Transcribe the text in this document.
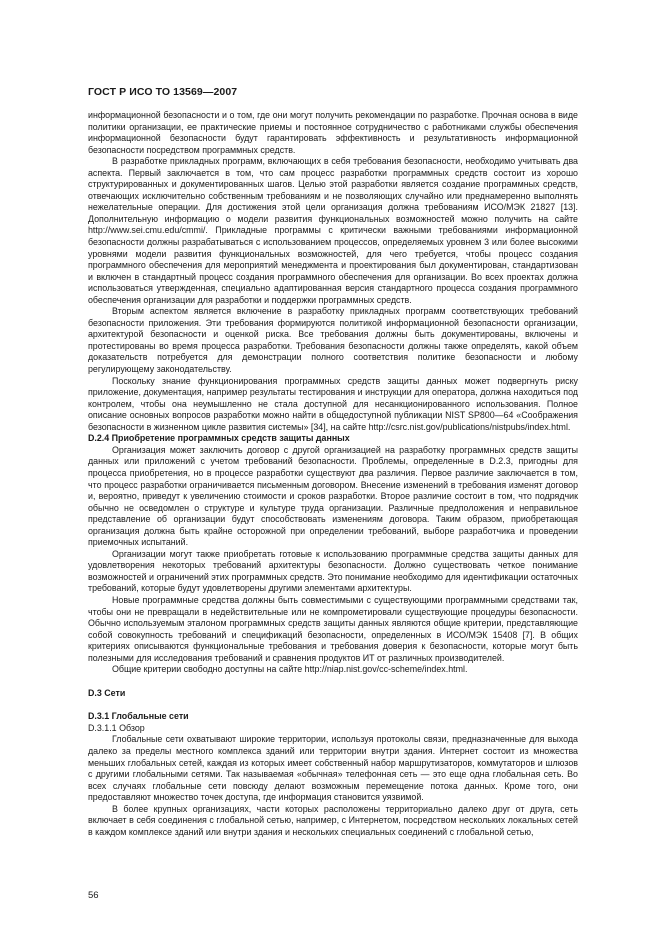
ГОСТ Р ИСО ТО 13569—2007

информационной безопасности и о том, где они могут получить рекомендации по разработке. Прочная основа в виде политики организации, ее практические приемы и постоянное сотрудничество с работниками службы обеспечения информационной безопасности будут гарантировать эффективность и результативность информационной безопасности посредством программных средств.

В разработке прикладных программ, включающих в себя требования безопасности, необходимо учитывать два аспекта. Первый заключается в том, что сам процесс разработки программных средств состоит из хорошо структурированных и документированных шагов. Целью этой разработки является создание программных средств, отвечающих исключительно собственным требованиям и не позволяющих случайно или преднамеренно выполнять нежелательные операции. Для достижения этой цели организация должна требованиям ИСО/МЭК 21827 [13]. Дополнительную информацию о модели развития функциональных возможностей можно получить на сайте http://www.sei.cmu.edu/cmmi/. Прикладные программы с критически важными требованиями информационной безопасности должны разрабатываться с использованием процессов, определяемых уровнем 3 или более высокими уровнями модели развития функциональных возможностей, для чего требуется, чтобы процесс создания программного обеспечения для мероприятий менеджмента и проектирования был документирован, стандартизован и включен в стандартный процесс создания программного обеспечения для организации. Во всех проектах должна использоваться утвержденная, специально адаптированная версия стандартного процесса создания программного обеспечения организации для разработки и поддержки программных средств.

Вторым аспектом является включение в разработку прикладных программ соответствующих требований безопасности приложения. Эти требования формируются политикой информационной безопасности организации, архитектурой безопасности и оценкой риска. Все требования должны быть документированы, включены и протестированы во время процесса разработки. Требования безопасности должны также определять, какой объем доказательств потребуется для демонстрации полного соответствия политике безопасности и любому регулирующему законодательству.

Поскольку знание функционирования программных средств защиты данных может подвергнуть риску приложение, документация, например результаты тестирования и инструкции для оператора, должна находиться под контролем, чтобы она неумышленно не стала доступной для несанкционированного использования. Полное описание основных вопросов разработки можно найти в общедоступной публикации NIST SP800—64 «Соображения безопасности в жизненном цикле развития системы» [34], на сайте http://csrc.nist.gov/publications/nistpubs/index.html.

D.2.4 Приобретение программных средств защиты данных

Организация может заключить договор с другой организацией на разработку программных средств защиты данных или приложений с учетом требований безопасности. Проблемы, определенные в D.2.3, пригодны для процесса приобретения, но в процессе разработки существуют два различия. Первое различие заключается в том, что процесс разработки ограничивается письменным договором. Внесение изменений в требования изменят договор и, вероятно, приведут к увеличению стоимости и сроков разработки. Второе различие состоит в том, что подрядчик обычно не осведомлен о структуре и культуре труда организации. Различные предположения и неправильное представление об организации будут способствовать изменениям договора. Таким образом, приобретающая организация должна быть крайне осторожной при определении требований, выборе разработчика и проведении приемочных испытаний.

Организации могут также приобретать готовые к использованию программные средства защиты данных для удовлетворения некоторых требований архитектуры безопасности. Должно существовать четкое понимание возможностей и ограничений этих программных средств. Это понимание необходимо для идентификации остаточных требований, которые будут удовлетворены другими элементами архитектуры.

Новые программные средства должны быть совместимыми с существующими программными средствами так, чтобы они не превращали в недействительные или не компрометировали существующие процедуры безопасности. Обычно используемым эталоном программных средств защиты данных являются общие критерии, представляющие собой совокупность требований и спецификаций безопасности, определенных в ИСО/МЭК 15408 [7]. В общих критериях описываются функциональные требования и требования доверия к безопасности, которые могут быть полезными для исследования требований и сравнения продуктов ИТ от различных производителей.

Общие критерии свободно доступны на сайте http://niap.nist.gov/cc-scheme/index.html.

D.3 Сети

D.3.1 Глобальные сети

D.3.1.1 Обзор

Глобальные сети охватывают широкие территории, используя протоколы связи, предназначенные для выхода далеко за пределы местного комплекса зданий или территории внутри здания. Интернет состоит из множества меньших глобальных сетей, каждая из которых имеет собственный набор маршрутизаторов, коммутаторов и шлюзов с другими глобальными сетями. Так называемая «обычная» телефонная сеть — это еще одна глобальная сеть. Во всех случаях глобальные сети повсюду делают возможным перемещение потока данных. Кроме того, они предоставляют множество точек доступа, где информация становится уязвимой.

В более крупных организациях, части которых расположены территориально далеко друг от друга, сеть включает в себя соединения с глобальной сетью, например, с Интернетом, посредством нескольких локальных сетей в каждом комплексе зданий или внутри здания и нескольких специальных соединений с глобальной сетью,

56
